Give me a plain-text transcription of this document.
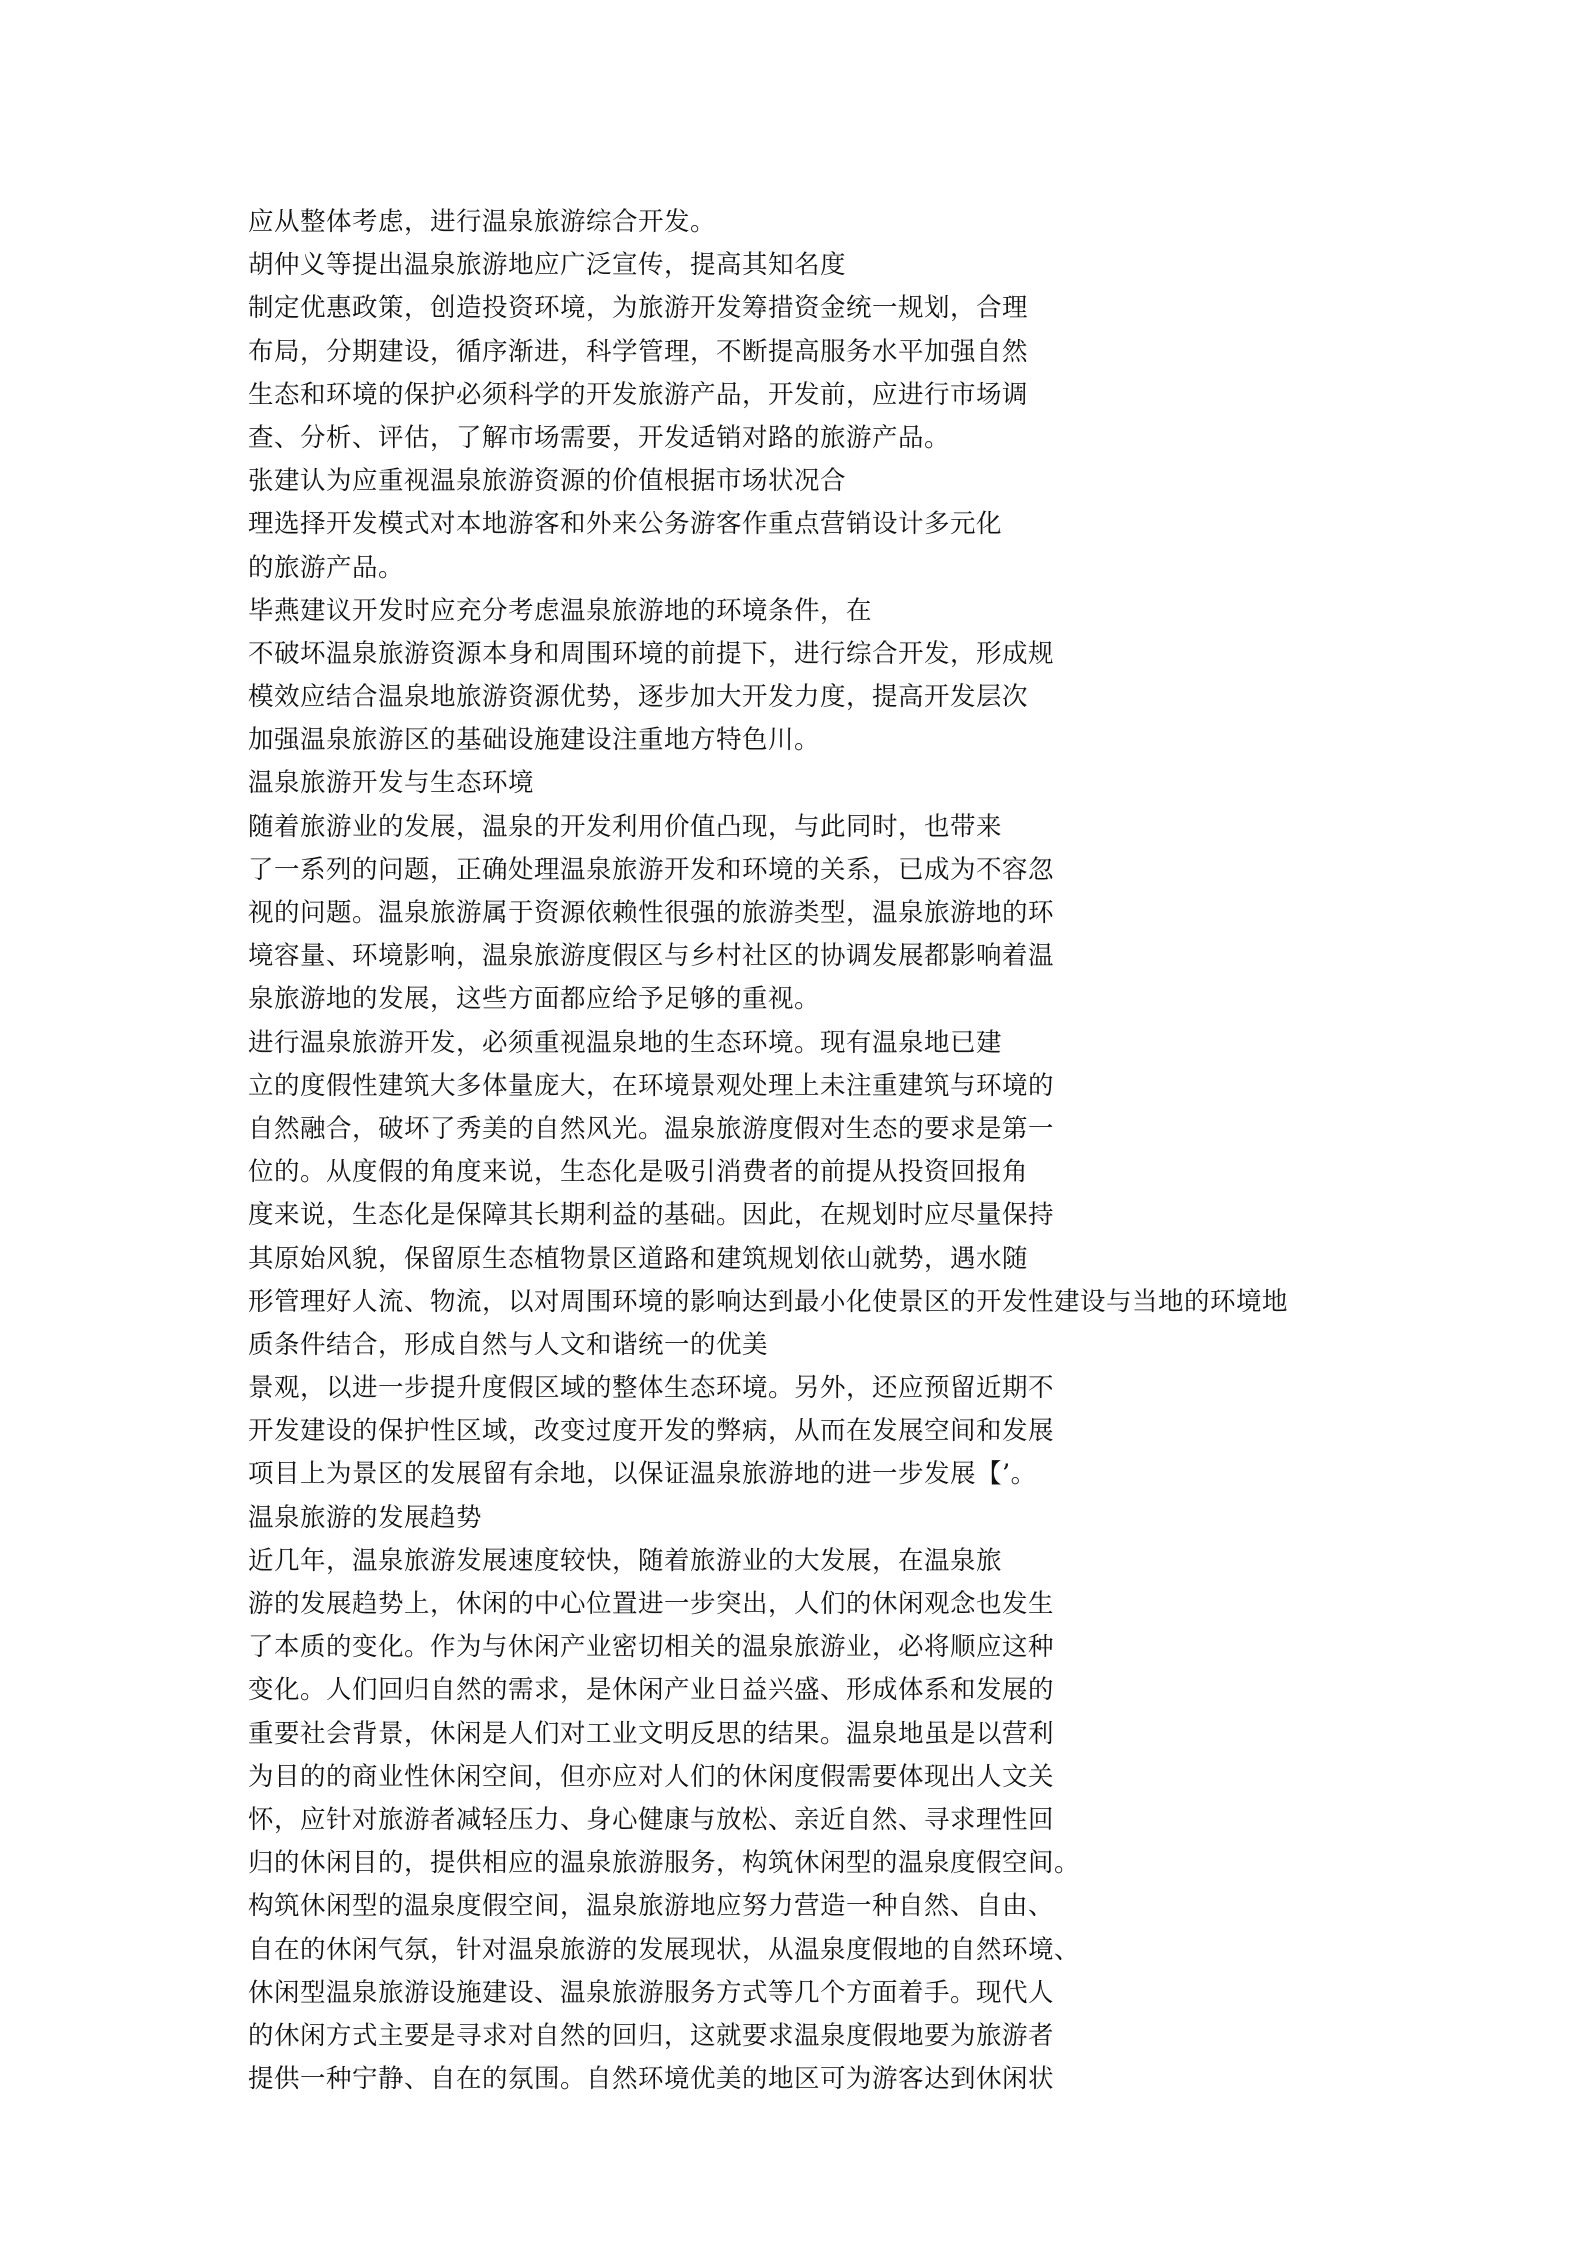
应从整体考虑，进行温泉旅游综合开发。
胡仲义等提出温泉旅游地应广泛宣传，提高其知名度
制定优惠政策，创造投资环境，为旅游开发筹措资金统一规划，合理
布局，分期建设，循序渐进，科学管理，不断提高服务水平加强自然
生态和环境的保护必须科学的开发旅游产品，开发前，应进行市场调
查、分析、评估，了解市场需要，开发适销对路的旅游产品。
张建认为应重视温泉旅游资源的价值根据市场状况合
理选择开发模式对本地游客和外来公务游客作重点营销设计多元化
的旅游产品。
毕燕建议开发时应充分考虑温泉旅游地的环境条件，在
不破坏温泉旅游资源本身和周围环境的前提下，进行综合开发，形成规
模效应结合温泉地旅游资源优势，逐步加大开发力度，提高开发层次
加强温泉旅游区的基础设施建设注重地方特色川。
温泉旅游开发与生态环境
随着旅游业的发展，温泉的开发利用价值凸现，与此同时，也带来
了一系列的问题，正确处理温泉旅游开发和环境的关系，已成为不容忽
视的问题。温泉旅游属于资源依赖性很强的旅游类型，温泉旅游地的环
境容量、环境影响，温泉旅游度假区与乡村社区的协调发展都影响着温
泉旅游地的发展，这些方面都应给予足够的重视。
进行温泉旅游开发，必须重视温泉地的生态环境。现有温泉地已建
立的度假性建筑大多体量庞大，在环境景观处理上未注重建筑与环境的
自然融合，破坏了秀美的自然风光。温泉旅游度假对生态的要求是第一
位的。从度假的角度来说，生态化是吸引消费者的前提从投资回报角
度来说，生态化是保障其长期利益的基础。因此，在规划时应尽量保持
其原始风貌，保留原生态植物景区道路和建筑规划依山就势，遇水随
形管理好人流、物流，以对周围环境的影响达到最小化使景区的开发性建设与当地的环境地
质条件结合，形成自然与人文和谐统一的优美
景观，以进一步提升度假区域的整体生态环境。另外，还应预留近期不
开发建设的保护性区域，改变过度开发的弊病，从而在发展空间和发展
项目上为景区的发展留有余地，以保证温泉旅游地的进一步发展【’。
温泉旅游的发展趋势
近几年，温泉旅游发展速度较快，随着旅游业的大发展，在温泉旅
游的发展趋势上，休闲的中心位置进一步突出，人们的休闲观念也发生
了本质的变化。作为与休闲产业密切相关的温泉旅游业，必将顺应这种
变化。人们回归自然的需求，是休闲产业日益兴盛、形成体系和发展的
重要社会背景，休闲是人们对工业文明反思的结果。温泉地虽是以营利
为目的的商业性休闲空间，但亦应对人们的休闲度假需要体现出人文关
怀，应针对旅游者减轻压力、身心健康与放松、亲近自然、寻求理性回
归的休闲目的，提供相应的温泉旅游服务，构筑休闲型的温泉度假空间。
构筑休闲型的温泉度假空间，温泉旅游地应努力营造一种自然、自由、
自在的休闲气氛，针对温泉旅游的发展现状，从温泉度假地的自然环境、
休闲型温泉旅游设施建设、温泉旅游服务方式等几个方面着手。现代人
的休闲方式主要是寻求对自然的回归，这就要求温泉度假地要为旅游者
提供一种宁静、自在的氛围。自然环境优美的地区可为游客达到休闲状
